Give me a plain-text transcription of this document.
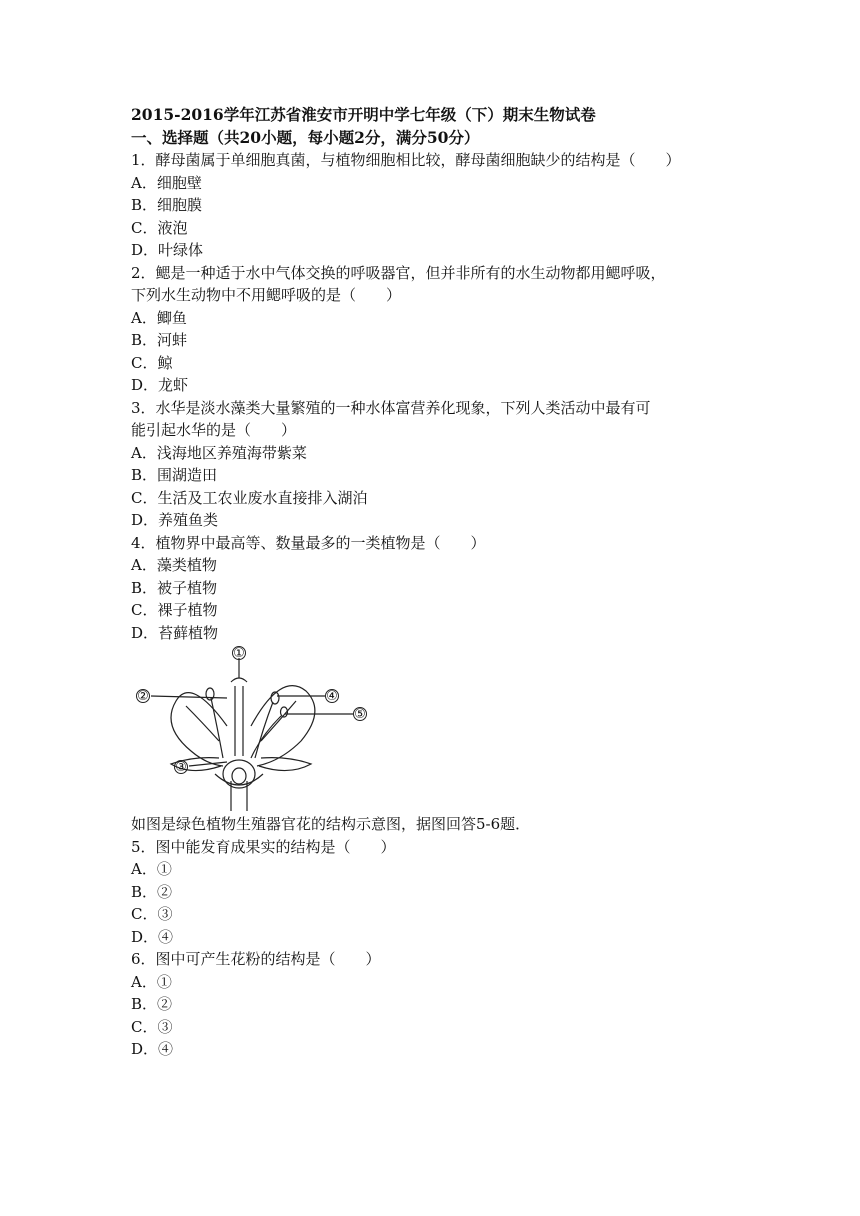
2015-2016学年江苏省淮安市开明中学七年级（下）期末生物试卷
一、选择题（共20小题，每小题2分，满分50分）
1．酵母菌属于单细胞真菌，与植物细胞相比较，酵母菌细胞缺少的结构是（　　）
A．细胞壁
B．细胞膜
C．液泡
D．叶绿体
2．鳃是一种适于水中气体交换的呼吸器官，但并非所有的水生动物都用鳃呼吸，
下列水生动物中不用鳃呼吸的是（　　）
A．鲫鱼
B．河蚌
C．鲸
D．龙虾
3．水华是淡水藻类大量繁殖的一种水体富营养化现象，下列人类活动中最有可
能引起水华的是（　　）
A．浅海地区养殖海带紫菜
B．围湖造田
C．生活及工农业废水直接排入湖泊
D．养殖鱼类
4．植物界中最高等、数量最多的一类植物是（　　）
A．藻类植物
B．被子植物
C．裸子植物
D．苔藓植物
①
②
③
④
⑤
如图是绿色植物生殖器官花的结构示意图，据图回答5-6题．
5．图中能发育成果实的结构是（　　）
A．①
B．②
C．③
D．④
6．图中可产生花粉的结构是（　　）
A．①
B．②
C．③
D．④
